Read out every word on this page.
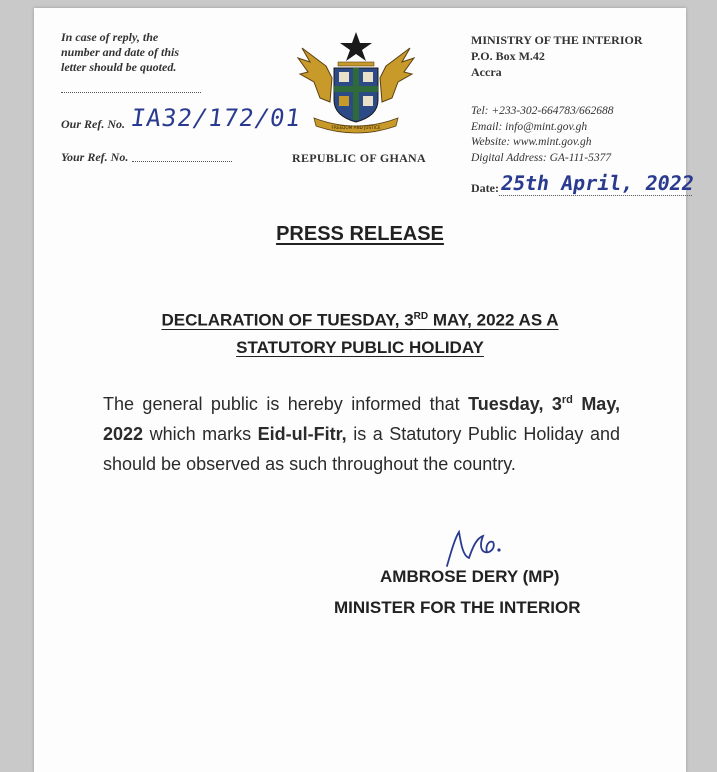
In case of reply, the
number and date of this
letter should be quoted.
Our Ref. No. IA32/172/01
Your Ref. No.
FREEDOM AND JUSTICE
REPUBLIC OF GHANA
MINISTRY OF THE INTERIOR
P.O. Box M.42
Accra
Tel: +233-302-664783/662688
Email: info@mint.gov.gh
Website: www.mint.gov.gh
Digital Address: GA-111-5377
Date: 25th April, 2022
PRESS RELEASE
DECLARATION OF TUESDAY, 3RD MAY, 2022 AS A
STATUTORY PUBLIC HOLIDAY
The general public is hereby informed that Tuesday, 3rd May, 2022 which marks Eid-ul-Fitr, is a Statutory Public Holiday and should be observed as such throughout the country.
AMBROSE DERY (MP)
MINISTER FOR THE INTERIOR
